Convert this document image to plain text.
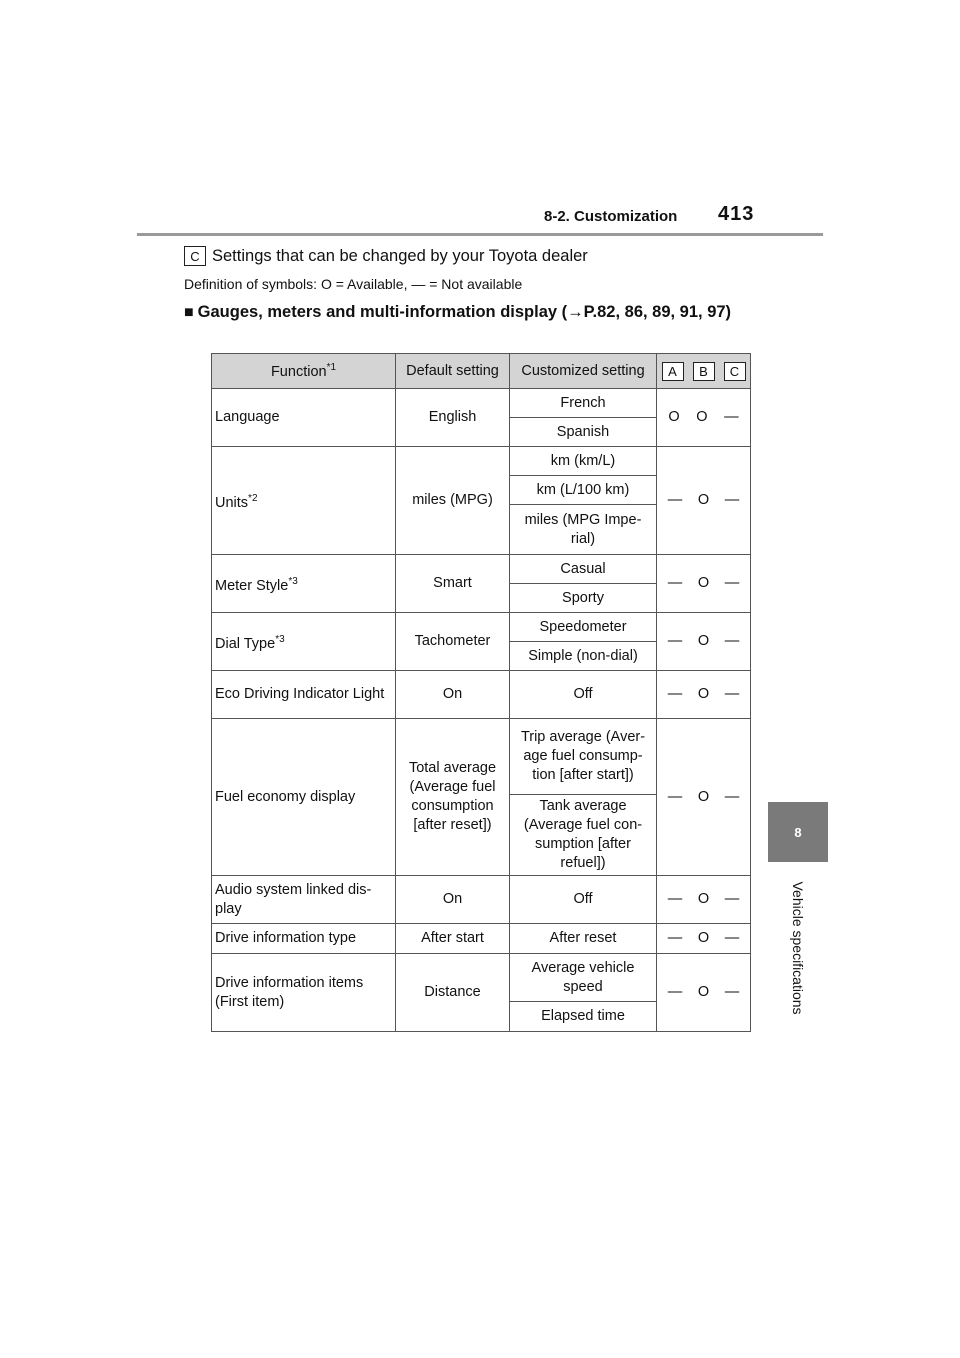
8-2. Customization 413
8
Vehicle specifications
C Settings that can be changed by your Toyota dealer
Definition of symbols: O = Available, — = Not available
■ Gauges, meters and multi-information display (→P.82, 86, 89, 91, 97)
Function$^{*1}$	Default setting	Customized setting	A B C

Language	English	French	O O —

		Spanish	
Units$^{*2}$	miles (MPG)	km (km/L)	— O —

		km (L/100 km)	
		miles (MPG Impe-rial)	
Meter Style$^{*3}$	Smart	Casual	— O —

		Sporty	
Dial Type$^{*3}$	Tachometer	Speedometer	— O —

		Simple (non-dial)	
Eco Driving Indicator Light	On	Off	— O —

Fuel economy display	Total average (Average fuel consumption [after reset])	Trip average (Aver-age fuel consump-tion [after start])	— O —

		Tank average (Average fuel con-sumption [after refuel])	
Audio system linked dis-play	On	Off	— O —

Drive information type	After start	After reset	— O —

Drive information items (First item)	Distance	Average vehicle speed	— O —

		Elapsed time	
